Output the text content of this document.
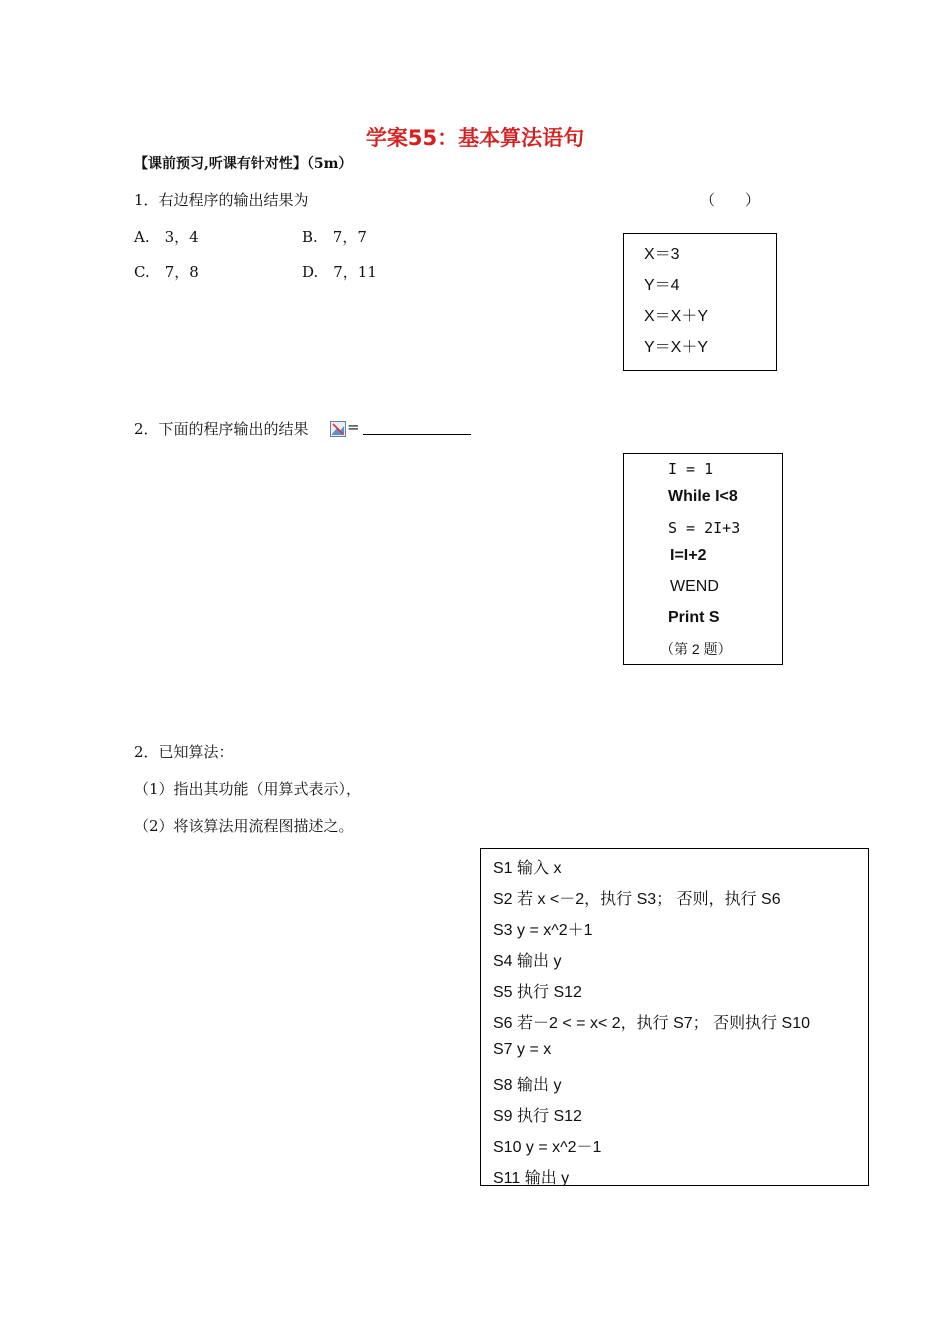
学案55：基本算法语句
【课前预习,听课有针对性】（5m）
1．右边程序的输出结果为	（　　）
A.　3，4	B.　7，7
C.　7，8	D.　7，11
X＝3
Y＝4
X＝X＋Y
Y＝X＋Y
2．下面的程序输出的结果	=
I = 1
While I<8
S = 2I+3
I=I+2
WEND
Print S
（第 2 题）
2．已知算法：
（1）指出其功能（用算式表示），
（2）将该算法用流程图描述之。
S1 输入 x
S2 若 x <－2，执行 S3； 否则，执行 S6
S3 y = x^2＋1
S4 输出 y
S5 执行 S12
S6 若－2 < = x< 2，执行 S7； 否则执行 S10
S7 y = x
S8 输出 y
S9 执行 S12
S10 y = x^2－1
S11 输出 y
